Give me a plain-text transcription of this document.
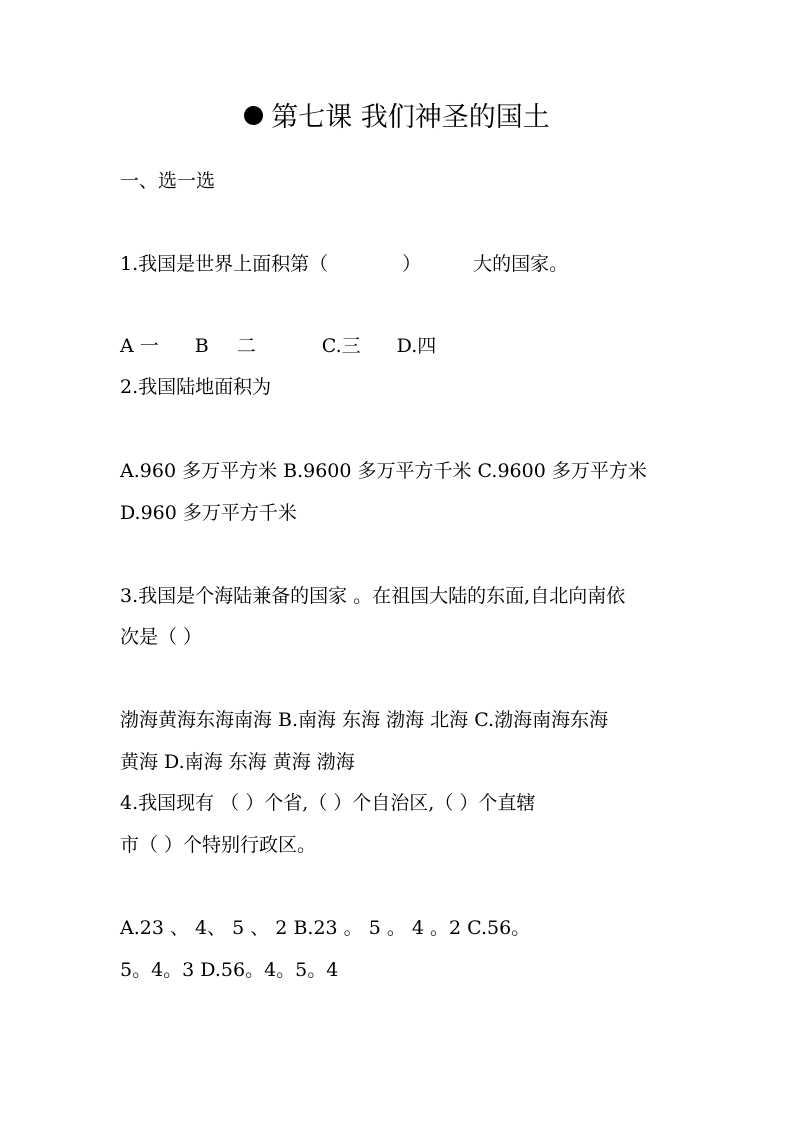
第七课 我们神圣的国土
一、选一选
1.我国是世界上面积第（	）	大的国家。
A 一 B 二	C.三 D.四
2.我国陆地面积为
A.960 多万平方米 B.9600 多万平方千米 C.9600 多万平方米
D.960 多万平方千米
3.我国是个海陆兼备的国家 。在祖国大陆的东面,自北向南依
次是（ ）
渤海黄海东海南海 B.南海 东海 渤海 北海 C.渤海南海东海
黄海 D.南海 东海 黄海 渤海
4.我国现有 （ ）个省,（ ）个自治区,（ ）个直辖
市（ ）个特别行政区。
A.23 、 4、 5 、 2 B.23 。 5 。 4 。2 C.56。
5。4。3 D.56。4。5。4
